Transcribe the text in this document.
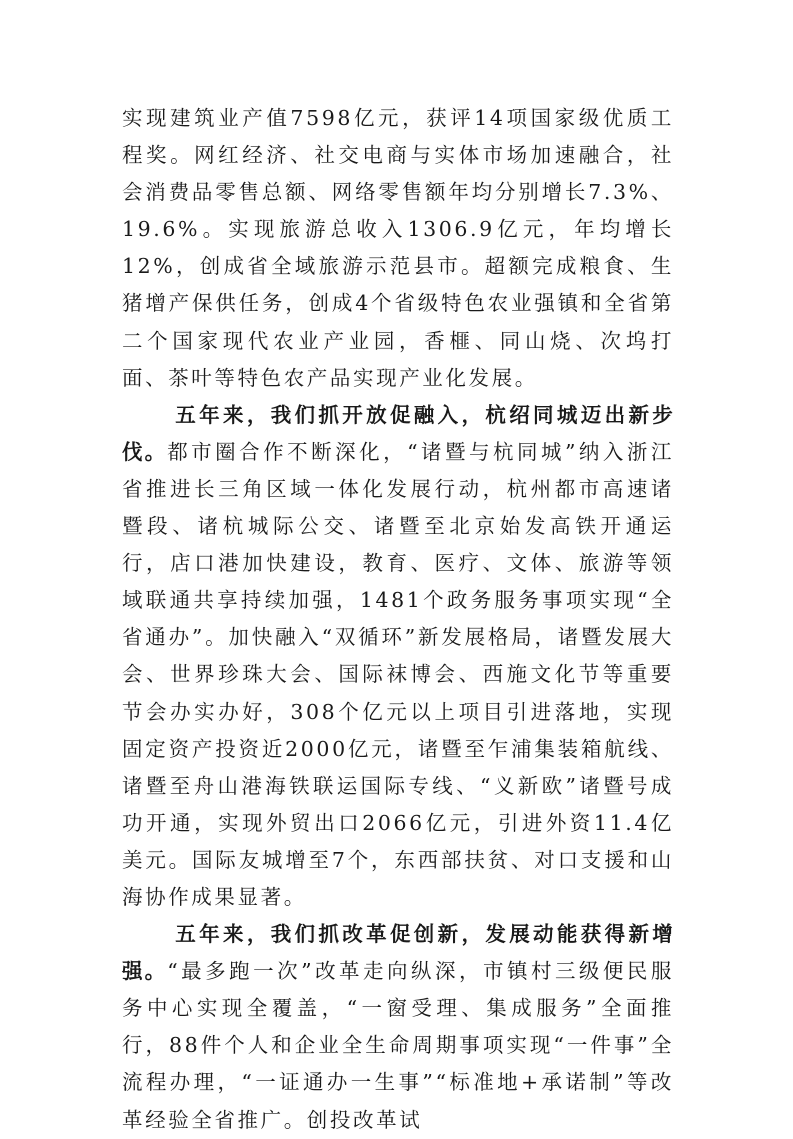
实现建筑业产值7598亿元，获评14项国家级优质工程奖。网红经济、社交电商与实体市场加速融合，社会消费品零售总额、网络零售额年均分别增长7.3%、19.6%。实现旅游总收入1306.9亿元，年均增长12%，创成省全域旅游示范县市。超额完成粮食、生猪增产保供任务，创成4个省级特色农业强镇和全省第二个国家现代农业产业园，香榧、同山烧、次坞打面、茶叶等特色农产品实现产业化发展。

五年来，我们抓开放促融入，杭绍同城迈出新步伐。都市圈合作不断深化，“诸暨与杭同城”纳入浙江省推进长三角区域一体化发展行动，杭州都市高速诸暨段、诸杭城际公交、诸暨至北京始发高铁开通运行，店口港加快建设，教育、医疗、文体、旅游等领域联通共享持续加强，1481个政务服务事项实现“全省通办”。加快融入“双循环”新发展格局，诸暨发展大会、世界珍珠大会、国际袜博会、西施文化节等重要节会办实办好，308个亿元以上项目引进落地，实现固定资产投资近2000亿元，诸暨至乍浦集装箱航线、诸暨至舟山港海铁联运国际专线、“义新欧”诸暨号成功开通，实现外贸出口2066亿元，引进外资11.4亿美元。国际友城增至7个，东西部扶贫、对口支援和山海协作成果显著。

五年来，我们抓改革促创新，发展动能获得新增强。“最多跑一次”改革走向纵深，市镇村三级便民服务中心实现全覆盖，“一窗受理、集成服务”全面推行，88件个人和企业全生命周期事项实现“一件事”全流程办理，“一证通办一生事”“标准地+承诺制”等改革经验全省推广。创投改革试
